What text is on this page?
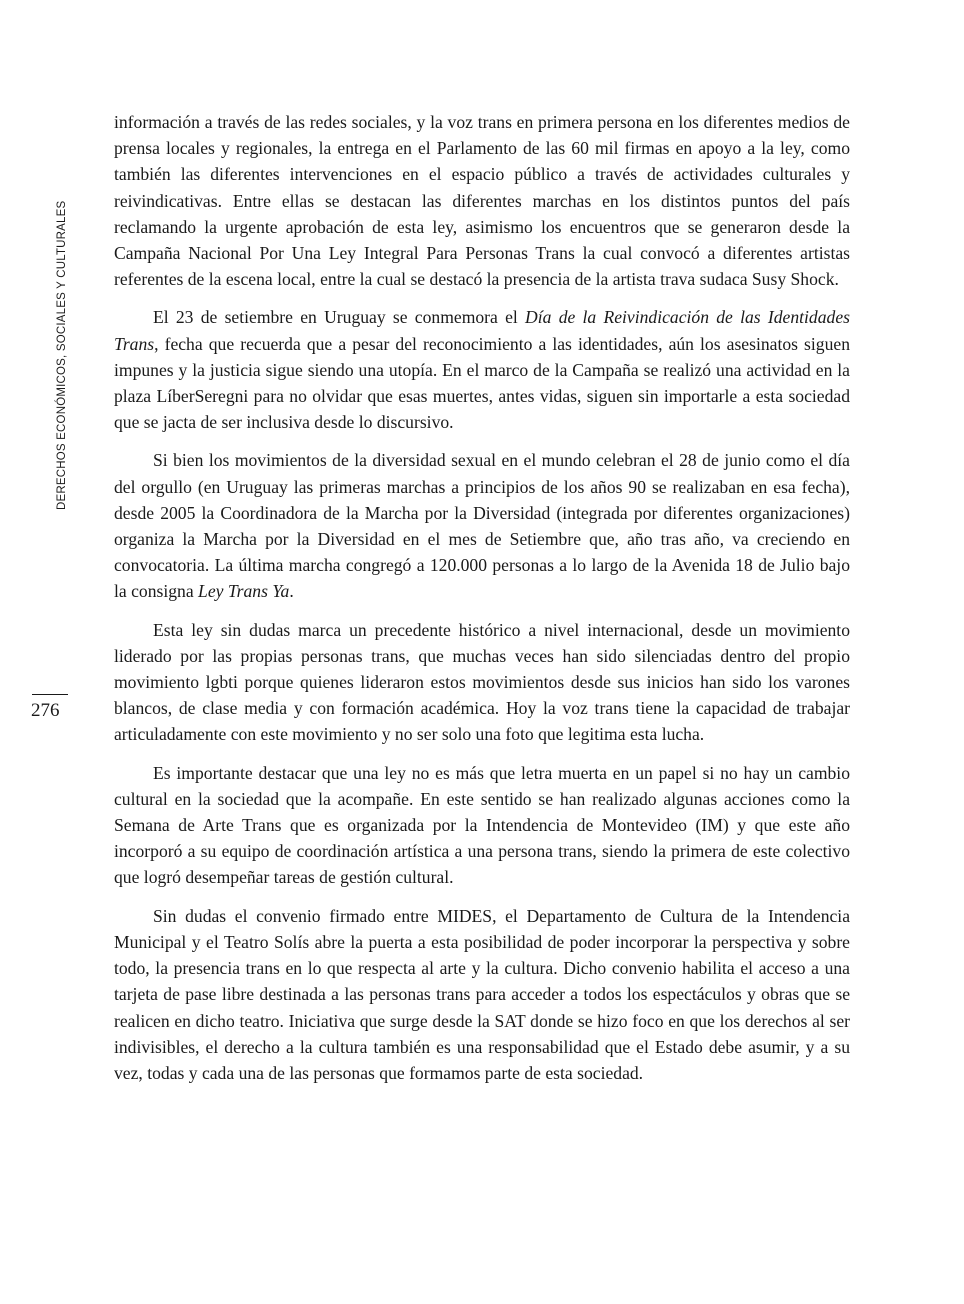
DERECHOS ECONÓMICOS, SOCIALES Y CULTURALES
276

información a través de las redes sociales, y la voz trans en primera persona en los diferentes medios de prensa locales y regionales, la entrega en el Parlamento de las 60 mil firmas en apoyo a la ley, como también las diferentes intervenciones en el espacio público a través de actividades culturales y reivindicativas. Entre ellas se destacan las diferentes marchas en los distintos puntos del país reclamando la urgente aprobación de esta ley, asimismo los encuentros que se generaron desde la Campaña Nacional Por Una Ley Integral Para Personas Trans la cual convocó a diferentes artistas referentes de la escena local, entre la cual se destacó la presencia de la artista trava sudaca Susy Shock.

El 23 de setiembre en Uruguay se conmemora el Día de la Reivindicación de las Identidades Trans, fecha que recuerda que a pesar del reconocimiento a las identidades, aún los asesinatos siguen impunes y la justicia sigue siendo una utopía. En el marco de la Campaña se realizó una actividad en la plaza LíberSeregni para no olvidar que esas muertes, antes vidas, siguen sin importarle a esta sociedad que se jacta de ser inclusiva desde lo discursivo.

Si bien los movimientos de la diversidad sexual en el mundo celebran el 28 de junio como el día del orgullo (en Uruguay las primeras marchas a principios de los años 90 se realizaban en esa fecha), desde 2005 la Coordinadora de la Marcha por la Diversidad (integrada por diferentes organizaciones) organiza la Marcha por la Diversidad en el mes de Setiembre que, año tras año, va creciendo en convocatoria. La última marcha congregó a 120.000 personas a lo largo de la Avenida 18 de Julio bajo la consigna Ley Trans Ya.

Esta ley sin dudas marca un precedente histórico a nivel internacional, desde un movimiento liderado por las propias personas trans, que muchas veces han sido silenciadas dentro del propio movimiento lgbti porque quienes lideraron estos movimientos desde sus inicios han sido los varones blancos, de clase media y con formación académica. Hoy la voz trans tiene la capacidad de trabajar articuladamente con este movimiento y no ser solo una foto que legitima esta lucha.

Es importante destacar que una ley no es más que letra muerta en un papel si no hay un cambio cultural en la sociedad que la acompañe. En este sentido se han realizado algunas acciones como la Semana de Arte Trans que es organizada por la Intendencia de Montevideo (IM) y que este año incorporó a su equipo de coordinación artística a una persona trans, siendo la primera de este colectivo que logró desempeñar tareas de gestión cultural.

Sin dudas el convenio firmado entre MIDES, el Departamento de Cultura de la Intendencia Municipal y el Teatro Solís abre la puerta a esta posibilidad de poder incorporar la perspectiva y sobre todo, la presencia trans en lo que respecta al arte y la cultura. Dicho convenio habilita el acceso a una tarjeta de pase libre destinada a las personas trans para acceder a todos los espectáculos y obras que se realicen en dicho teatro. Iniciativa que surge desde la SAT donde se hizo foco en que los derechos al ser indivisibles, el derecho a la cultura también es una responsabilidad que el Estado debe asumir, y a su vez, todas y cada una de las personas que formamos parte de esta sociedad.
